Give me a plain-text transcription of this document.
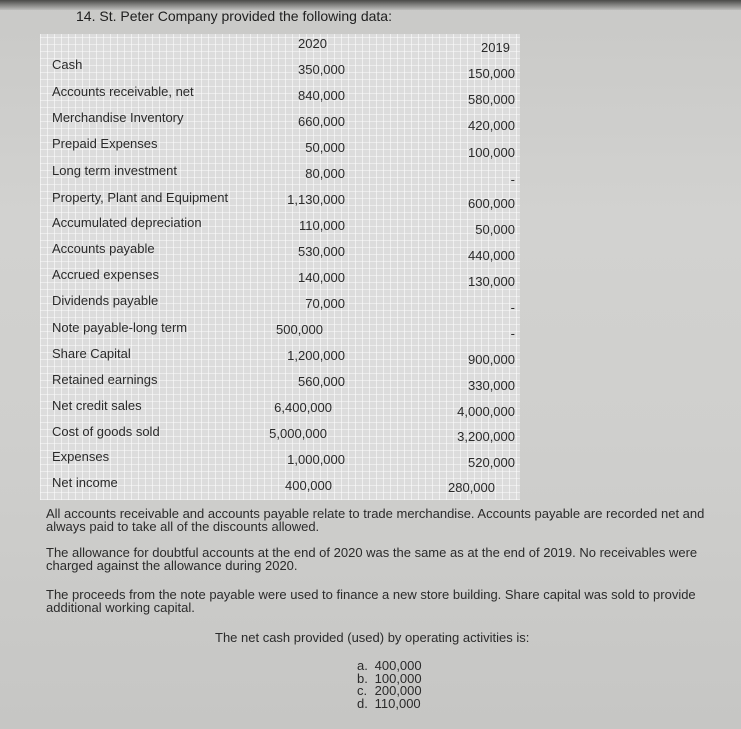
14. St. Peter Company provided the following data:
2020	2019
Cash	350,000	150,000
Accounts receivable, net	840,000	580,000
Merchandise Inventory	660,000	420,000
Prepaid Expenses	50,000	100,000
Long term investment	80,000	-
Property, Plant and Equipment	1,130,000	600,000
Accumulated depreciation	110,000	50,000
Accounts payable	530,000	440,000
Accrued expenses	140,000	130,000
Dividends payable	70,000	-
Note payable-long term	500,000	-
Share Capital	1,200,000	900,000
Retained earnings	560,000	330,000
Net credit sales	6,400,000	4,000,000
Cost of goods sold	5,000,000	3,200,000
Expenses	1,000,000	520,000
Net income	400,000	280,000
All accounts receivable and accounts payable relate to trade merchandise. Accounts payable are recorded net and always paid to take all of the discounts allowed.
The allowance for doubtful accounts at the end of 2020 was the same as at the end of 2019. No receivables were charged against the allowance during 2020.
The proceeds from the note payable were used to finance a new store building. Share capital was sold to provide additional working capital.
The net cash provided (used) by operating activities is:
a. 400,000
b. 100,000
c. 200,000
d. 110,000
